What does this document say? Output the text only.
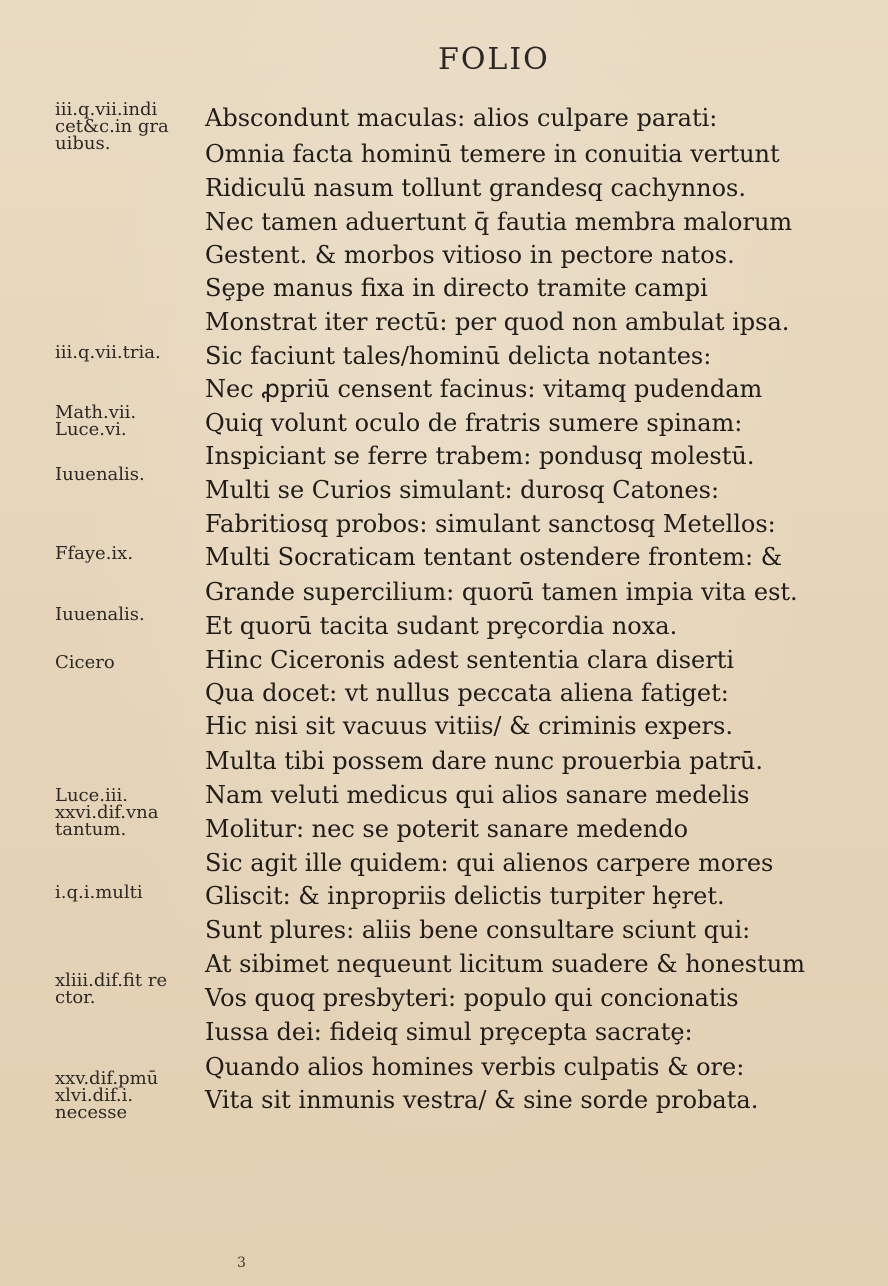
FOLIO
iii.q.vii.indi
cet&c.in gra
uibus.
iii.q.vii.tria.
Math.vii.
Luce.vi.
Iuuenalis.
Ffaye.ix.
Iuuenalis.
Cicero
Luce.iii.
xxvi.dif.vna
tantum.
i.q.i.multi
xliii.dif.fit re
ctor.
xxv.dif.pmū
xlvi.dif.i.
necesse
Abscondunt maculas: alios culpare parati:
Omnia facta hominū temere in conuitia vertunt
Ridiculū nasum tollunt grandesq cachynnos.
Nec tamen aduertunt q̄ fautia membra malorum
Gestent. & morbos vitioso in pectore natos.
Sȩpe manus fixa in directo tramite campi
Monstrat iter rectū: per quod non ambulat ipsa.
Sic faciunt tales/hominū delicta notantes:
Nec ꝓpriū censent facinus: vitamq pudendam
Quiq volunt oculo de fratris sumere spinam:
Inspiciant se ferre trabem: pondusq molestū.
Multi se Curios simulant: durosq Catones:
Fabritiosq probos: simulant sanctosq Metellos:
Multi Socraticam tentant ostendere frontem: &
Grande supercilium: quorū tamen impia vita est.
Et quorū tacita sudant prȩcordia noxa.
Hinc Ciceronis adest sententia clara diserti
Qua docet: vt nullus peccata aliena fatiget:
Hic nisi sit vacuus vitiis/ & criminis expers.
Multa tibi possem dare nunc prouerbia patrū.
Nam veluti medicus qui alios sanare medelis
Molitur: nec se poterit sanare medendo
Sic agit ille quidem: qui alienos carpere mores
Gliscit: & inpropriis delictis turpiter hȩret.
Sunt plures: aliis bene consultare sciunt qui:
At sibimet nequeunt licitum suadere & honestum
Vos quoq presbyteri: populo qui concionatis
Iussa dei: fideiq simul prȩcepta sacratȩ:
Quando alios homines verbis culpatis & ore:
Vita sit inmunis vestra/ & sine sorde probata.
3
